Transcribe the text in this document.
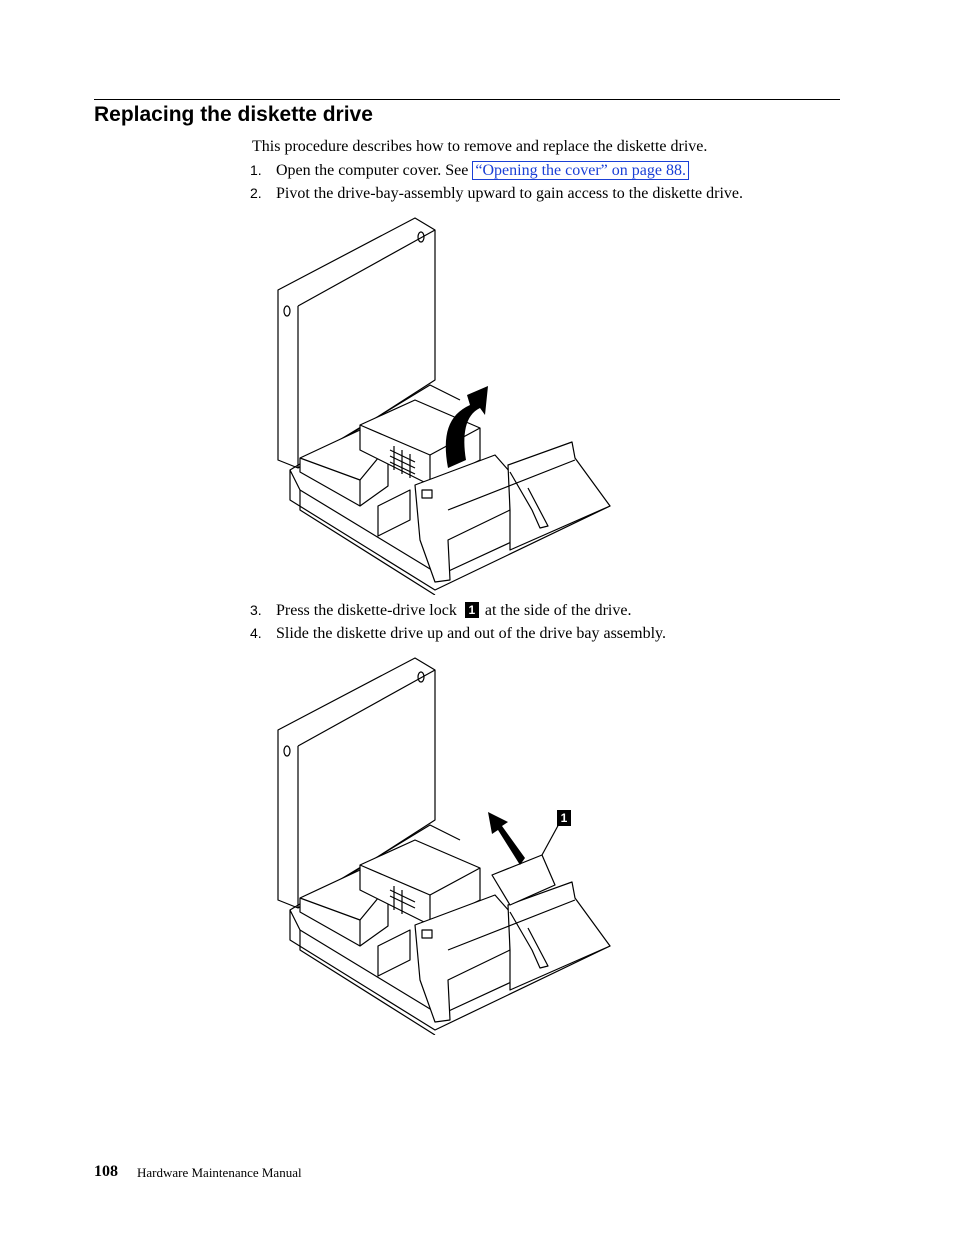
Replacing the diskette drive
This procedure describes how to remove and replace the diskette drive.
1. Open the computer cover. See “Opening the cover” on page 88.
2. Pivot the drive-bay-assembly upward to gain access to the diskette drive.
3. Press the diskette-drive lock 1 at the side of the drive.
4. Slide the diskette drive up and out of the drive bay assembly.
1
108 Hardware Maintenance Manual
